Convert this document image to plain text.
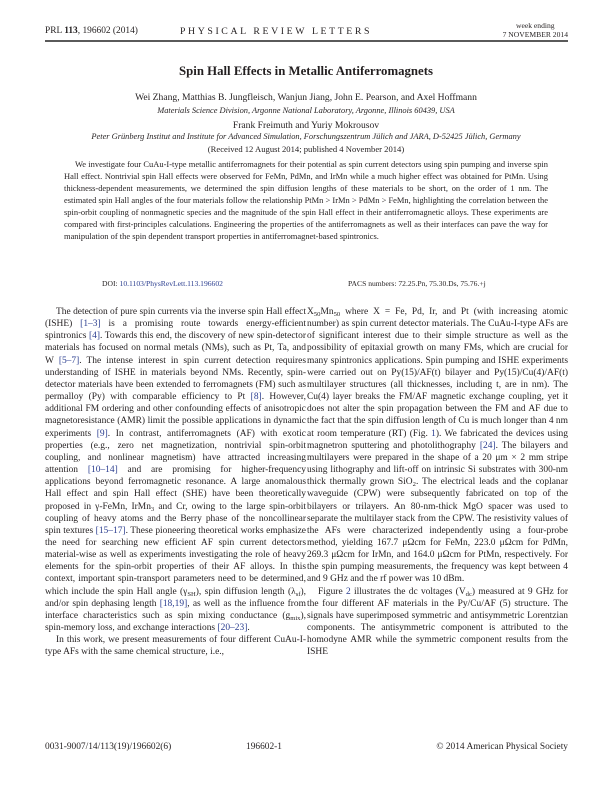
PRL 113, 196602 (2014)	PHYSICAL REVIEW LETTERS
week ending
7 NOVEMBER 2014
Spin Hall Effects in Metallic Antiferromagnets
Wei Zhang, Matthias B. Jungfleisch, Wanjun Jiang, John E. Pearson, and Axel Hoffmann
Materials Science Division, Argonne National Laboratory, Argonne, Illinois 60439, USA
Frank Freimuth and Yuriy Mokrousov
Peter Grünberg Institut and Institute for Advanced Simulation, Forschungszentrum Jülich and JARA, D-52425 Jülich, Germany
(Received 12 August 2014; published 4 November 2014)
We investigate four CuAu-I-type metallic antiferromagnets for their potential as spin current detectors using spin pumping and inverse spin Hall effect. Nontrivial spin Hall effects were observed for FeMn, PdMn, and IrMn while a much higher effect was obtained for PtMn. Using thickness-dependent measurements, we determined the spin diffusion lengths of these materials to be short, on the order of 1 nm. The estimated spin Hall angles of the four materials follow the relationship PtMn > IrMn > PdMn > FeMn, highlighting the correlation between the spin-orbit coupling of nonmagnetic species and the magnitude of the spin Hall effect in their antiferromagnetic alloys. These experiments are compared with first-principles calculations. Engineering the properties of the antiferromagnets as well as their interfaces can pave the way for manipulation of the spin dependent transport properties in antiferromagnet-based spintronics.
DOI: 10.1103/PhysRevLett.113.196602	PACS numbers: 72.25.Pn, 75.30.Ds, 75.76.+j

The detection of pure spin currents via the inverse spin Hall effect (ISHE) [1–3] is a promising route towards energy-efficient spintronics [4]. Towards this end, the discovery of new spin-detector materials has focused on normal metals (NMs), such as Pt, Ta, and W [5–7]. The intense interest in spin current detection requires understanding of ISHE in materials beyond NMs. Recently, spin-detector materials have been extended to ferromagnets (FM) such as permalloy (Py) with comparable efficiency to Pt [8]. However, additional FM ordering and other confounding effects of anisotropic magnetoresistance (AMR) limit the possible applications in dynamic experiments [9]. In contrast, antiferromagnets (AF) with exotic properties (e.g., zero net magnetization, nontrivial spin-orbit coupling, and nonlinear magnetism) have attracted increasing attention [10–14] and are promising for higher-frequency applications beyond ferromagnetic resonance. A large anomalous Hall effect and spin Hall effect (SHE) have been theoretically proposed in γ-FeMn, IrMn$_3$ and Cr, owing to the large spin-orbit coupling of heavy atoms and the Berry phase of the noncollinear spin textures [15–17]. These pioneering theoretical works emphasize the need for searching new efficient AF spin current detectors material-wise as well as experiments investigating the role of heavy elements for the spin-orbit properties of their AF alloys. In this context, important spin-transport parameters need to be determined, which include the spin Hall angle $(\gamma_{SH})$, spin diffusion length $(\lambda_{sf})$, and/or spin dephasing length [18,19], as well as the influence from interface characteristics such as spin mixing conductance $(g_{mix})$, spin-memory loss, and exchange interactions [20–23].

In this work, we present measurements of four different CuAu-I-type AFs with the same chemical structure, i.e.,

$X_{50}Mn_{50}$ where X = Fe, Pd, Ir, and Pt (with increasing atomic number) as spin current detector materials. The CuAu-I-type AFs are of significant interest due to their simple structure as well as the possibility of epitaxial growth on many FMs, which are crucial for many spintronics applications. Spin pumping and ISHE experiments were carried out on Py(15)/AF(t) bilayer and Py(15)/Cu(4)/AF(t) multilayer structures (all thicknesses, including t, are in nm). The Cu(4) layer breaks the FM/AF magnetic exchange coupling, yet it does not alter the spin propagation between the FM and AF due to the fact that the spin diffusion length of Cu is much longer than 4 nm at room temperature (RT) (Fig. 1). We fabricated the devices using magnetron sputtering and photolithography [24]. The bilayers and multilayers were prepared in the shape of a 20 μm × 2 mm stripe using lithography and lift-off on intrinsic Si substrates with 300-nm thick thermally grown SiO$_2$. The electrical leads and the coplanar waveguide (CPW) were subsequently fabricated on top of the bilayers or trilayers. An 80-nm-thick MgO spacer was used to separate the multilayer stack from the CPW. The resistivity values of the AFs were characterized independently using a four-probe method, yielding 167.7 μΩcm for FeMn, 223.0 μΩcm for PdMn, 269.3 μΩcm for IrMn, and 164.0 μΩcm for PtMn, respectively. For the spin pumping measurements, the frequency was kept between 4 and 9 GHz and the rf power was 10 dBm.

Figure 2 illustrates the dc voltages $(V_{dc})$ measured at 9 GHz for the four different AF materials in the Py/Cu/AF (5) structure. The signals have superimposed symmetric and antisymmetric Lorentzian components. The antisymmetric component is attributed to the homodyne AMR while the symmetric component results from the ISHE

0031-9007/14/113(19)/196602(6)	196602-1	© 2014 American Physical Society
